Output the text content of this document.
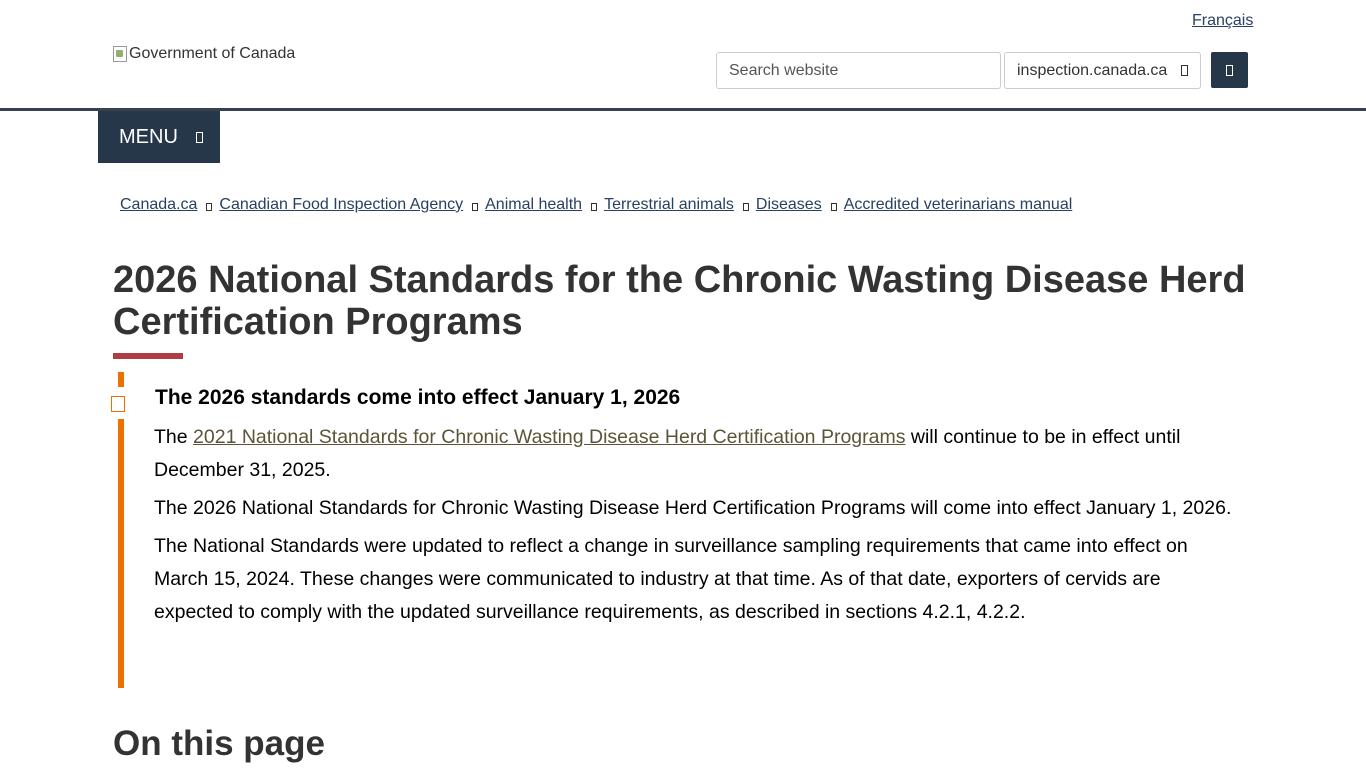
Français
Government of Canada
Search website	inspection.canada.ca
MENU
Canada.ca Canadian Food Inspection Agency Animal health Terrestrial animals Diseases Accredited veterinarians manual
2026 National Standards for the Chronic Wasting Disease Herd Certification Programs
The 2026 standards come into effect January 1, 2026

The 2021 National Standards for Chronic Wasting Disease Herd Certification Programs will continue to be in effect until December 31, 2025.

The 2026 National Standards for Chronic Wasting Disease Herd Certification Programs will come into effect January 1, 2026.

The National Standards were updated to reflect a change in surveillance sampling requirements that came into effect on March 15, 2024. These changes were communicated to industry at that time. As of that date, exporters of cervids are expected to comply with the updated surveillance requirements, as described in sections 4.2.1, 4.2.2.

On this page
